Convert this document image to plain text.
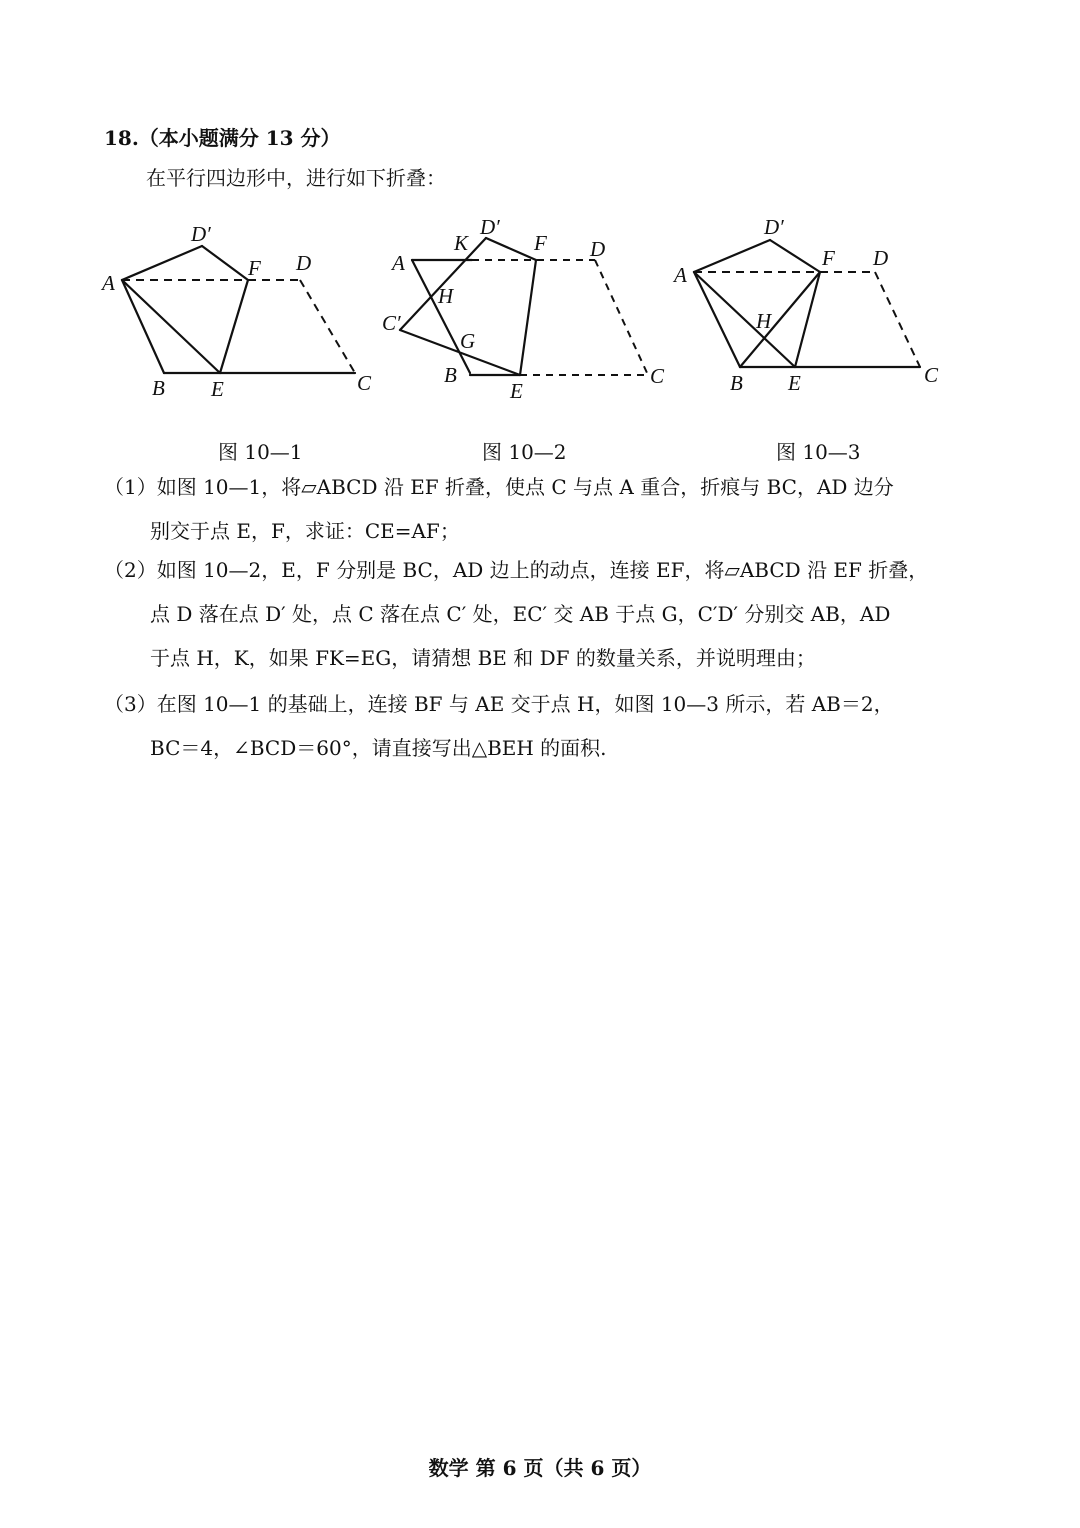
18.（本小题满分 13 分）
在平行四边形中，进行如下折叠：
A
B	C
D
E
F
D′
图 10—1
A
B	C
D
E
F
D′
C′
G
H
K
图 10—2
A
B	C
D
E
F
D′
H
图 10—3
（1）如图 10—1，将▱ABCD 沿 EF 折叠，使点 C 与点 A 重合，折痕与 BC，AD 边分
别交于点 E，F，求证：CE=AF；
（2）如图 10—2，E，F 分别是 BC，AD 边上的动点，连接 EF，将▱ABCD 沿 EF 折叠，
点 D 落在点 D′ 处，点 C 落在点 C′ 处，EC′ 交 AB 于点 G，C′D′ 分别交 AB，AD
于点 H，K，如果 FK=EG，请猜想 BE 和 DF 的数量关系，并说明理由；
（3）在图 10—1 的基础上，连接 BF 与 AE 交于点 H，如图 10—3 所示，若 AB＝2，
BC＝4，∠BCD＝60°，请直接写出△BEH 的面积.
数学 第 6 页（共 6 页）
